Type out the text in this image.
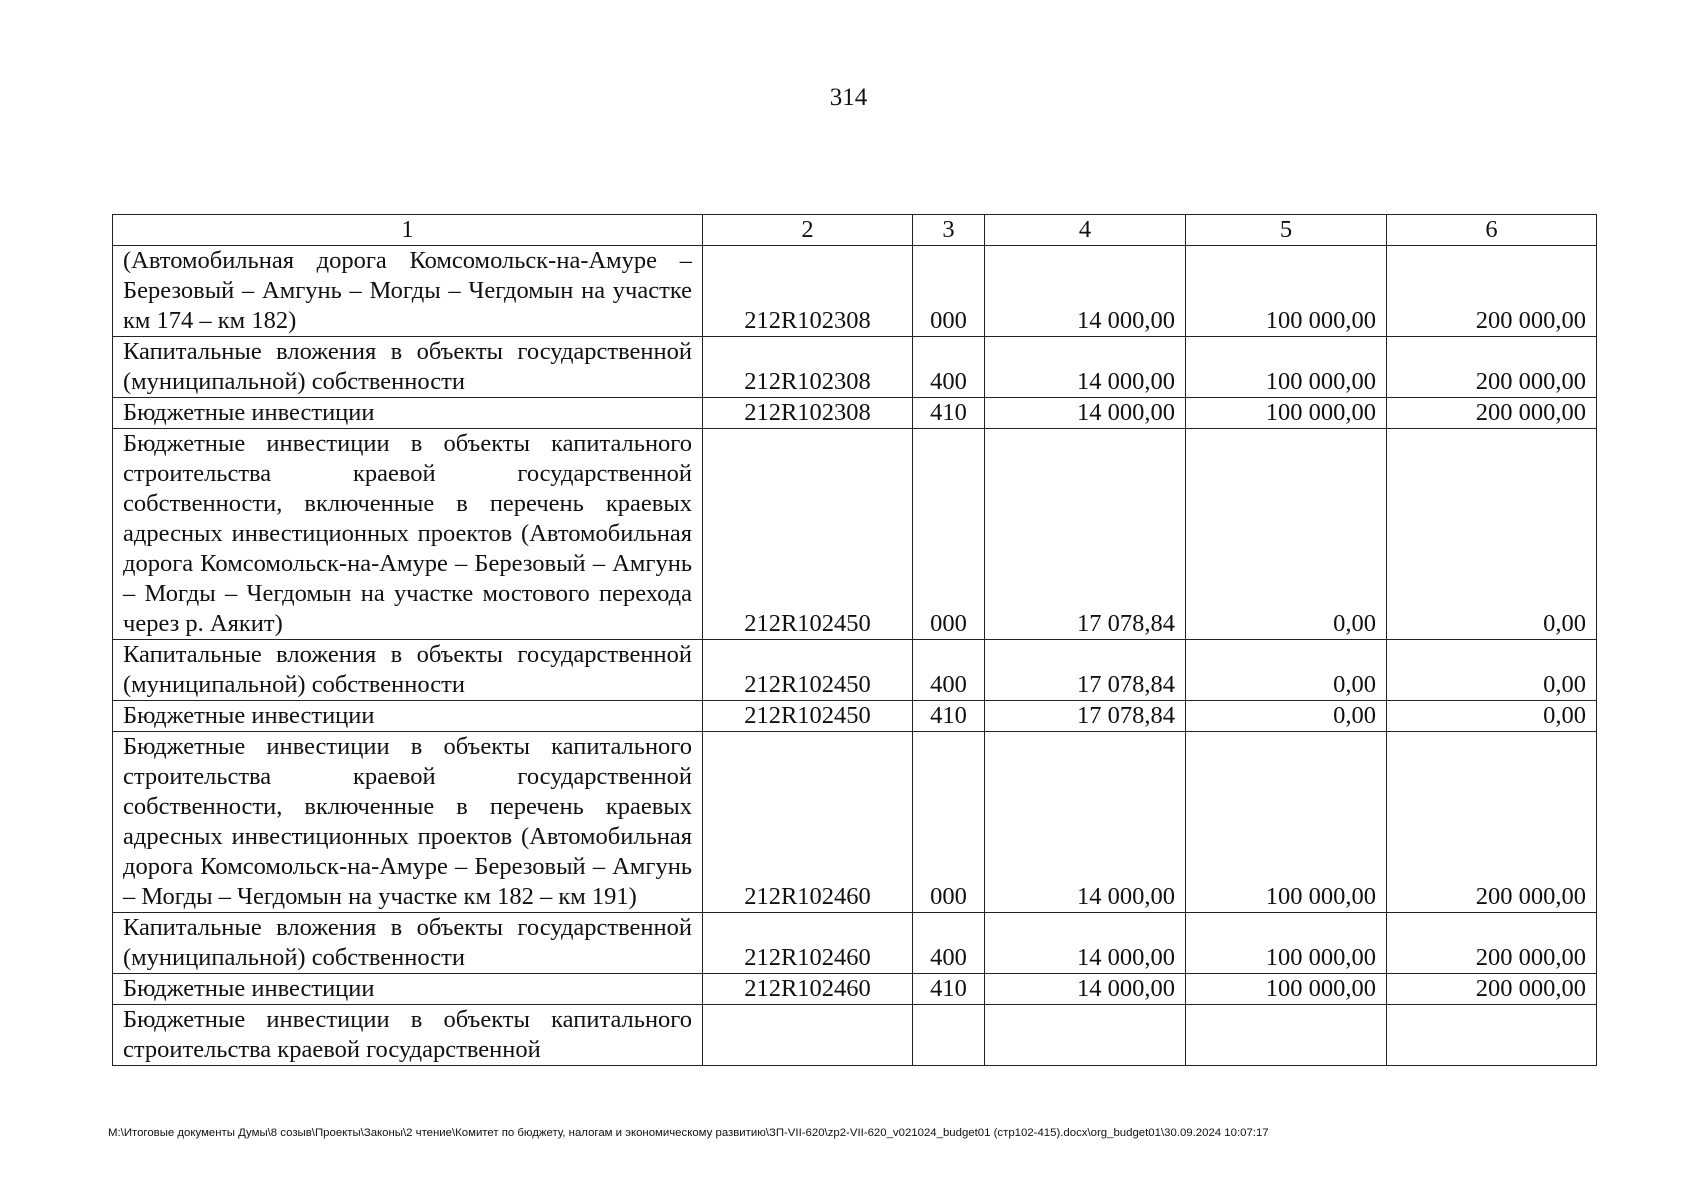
314
1	2	3	4	5	6
(Автомобильная дорога Комсомольск-на-Амуре – Березовый – Амгунь – Могды – Чегдомын на участке км 174 – км 182)	212R102308	000	14 000,00	100 000,00	200 000,00
Капитальные вложения в объекты государственной (муниципальной) собственности	212R102308	400	14 000,00	100 000,00	200 000,00
Бюджетные инвестиции	212R102308	410	14 000,00	100 000,00	200 000,00
Бюджетные инвестиции в объекты капитального строительства краевой государственной собственности, включенные в перечень краевых адресных инвестиционных проектов (Автомобильная дорога Комсомольск-на-Амуре – Березовый – Амгунь – Могды – Чегдомын на участке мостового перехода через р. Аякит)	212R102450	000	17 078,84	0,00	0,00
Капитальные вложения в объекты государственной (муниципальной) собственности	212R102450	400	17 078,84	0,00	0,00
Бюджетные инвестиции	212R102450	410	17 078,84	0,00	0,00
Бюджетные инвестиции в объекты капитального строительства краевой государственной собственности, включенные в перечень краевых адресных инвестиционных проектов (Автомобильная дорога Комсомольск-на-Амуре – Березовый – Амгунь – Могды – Чегдомын на участке км 182 – км 191)	212R102460	000	14 000,00	100 000,00	200 000,00
Капитальные вложения в объекты государственной (муниципальной) собственности	212R102460	400	14 000,00	100 000,00	200 000,00
Бюджетные инвестиции	212R102460	410	14 000,00	100 000,00	200 000,00
Бюджетные инвестиции в объекты капитального строительства краевой государственной					
М:\Итоговые документы Думы\8 созыв\Проекты\Законы\2 чтение\Комитет по бюджету, налогам и экономическому развитию\ЗП-VII-620\zp2-VII-620_v021024_budget01 (стр102-415).docx\org_budget01\30.09.2024 10:07:17
